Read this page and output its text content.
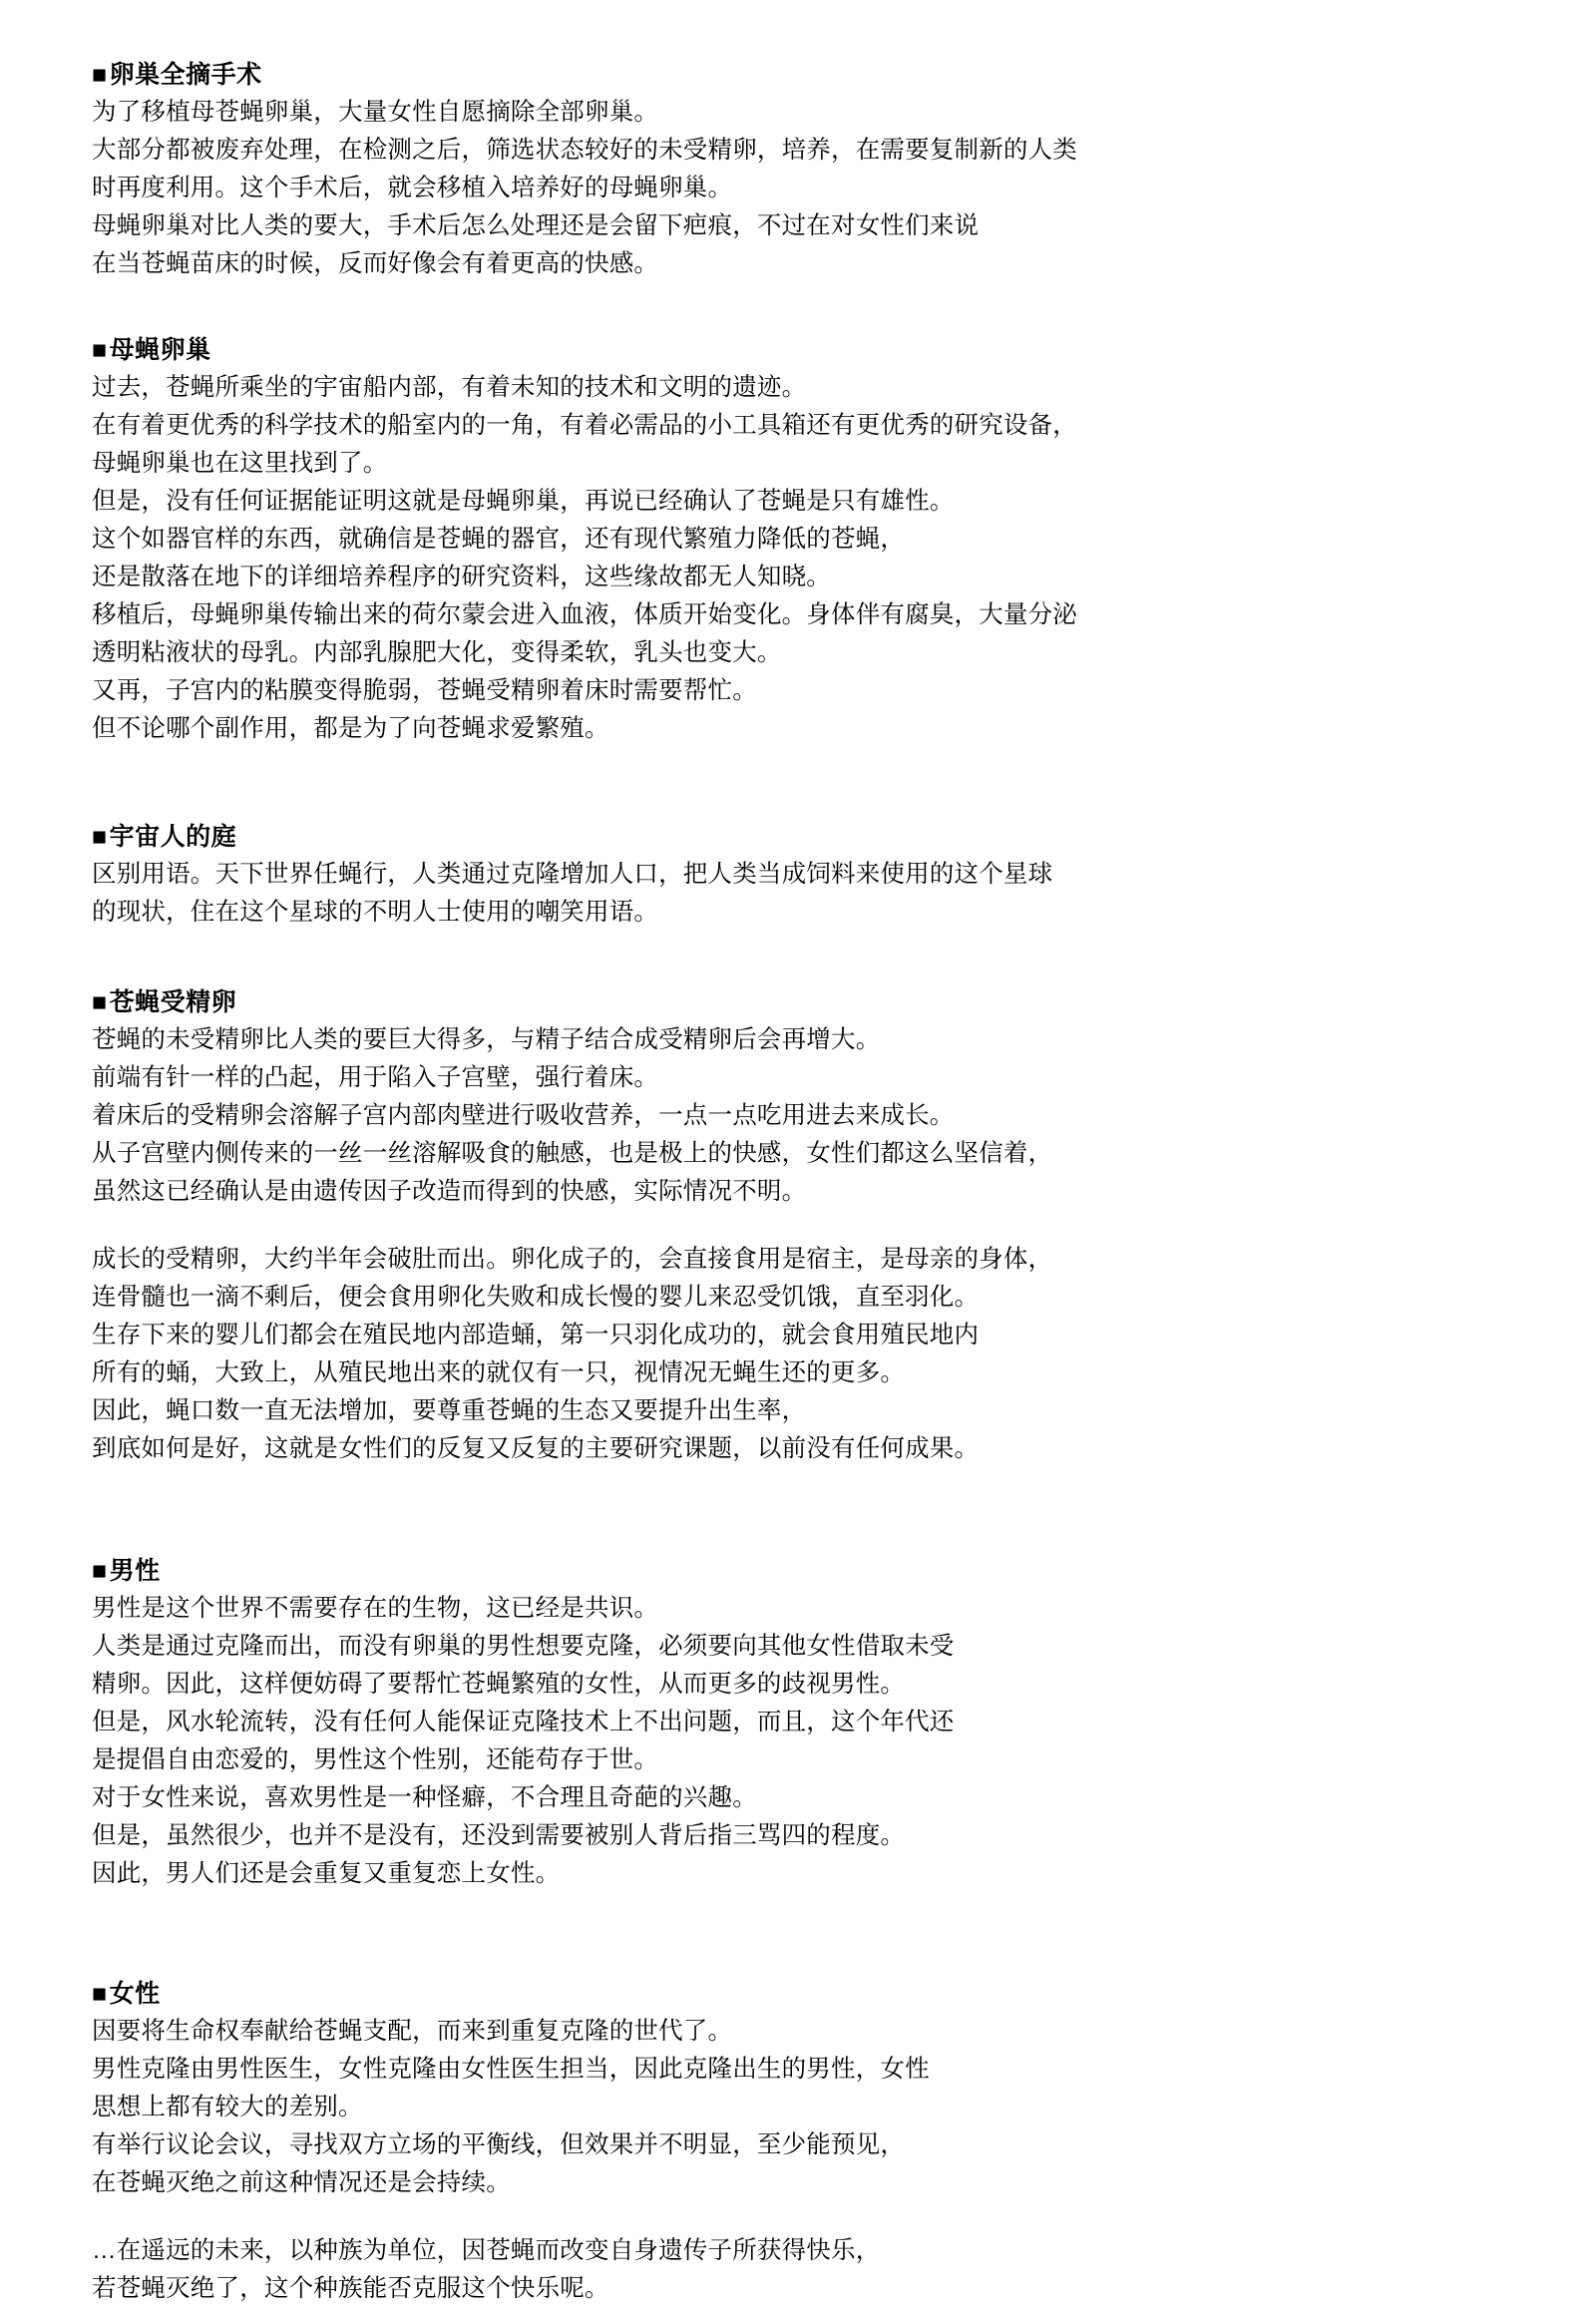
■卵巣全摘手术
为了移植母苍蝇卵巢，大量女性自愿摘除全部卵巢。
大部分都被废弃处理，在检测之后，筛选状态较好的未受精卵，培养，在需要复制新的人类
时再度利用。这个手术后，就会移植入培养好的母蝇卵巢。
母蝇卵巢对比人类的要大，手术后怎么处理还是会留下疤痕，不过在对女性们来说
在当苍蝇苗床的时候，反而好像会有着更高的快感。
■母蝇卵巢
过去，苍蝇所乘坐的宇宙船内部，有着未知的技术和文明的遗迹。
在有着更优秀的科学技术的船室内的一角，有着必需品的小工具箱还有更优秀的研究设备，
母蝇卵巢也在这里找到了。
但是，没有任何证据能证明这就是母蝇卵巢，再说已经确认了苍蝇是只有雄性。
这个如器官样的东西，就确信是苍蝇的器官，还有现代繁殖力降低的苍蝇，
还是散落在地下的详细培养程序的研究资料，这些缘故都无人知晓。
移植后，母蝇卵巢传输出来的荷尔蒙会进入血液，体质开始变化。身体伴有腐臭，大量分泌
透明粘液状的母乳。内部乳腺肥大化，变得柔软，乳头也变大。
又再，子宫内的粘膜变得脆弱，苍蝇受精卵着床时需要帮忙。
但不论哪个副作用，都是为了向苍蝇求爱繁殖。
■宇宙人的庭
区别用语。天下世界任蝇行，人类通过克隆增加人口，把人类当成饲料来使用的这个星球
的现状，住在这个星球的不明人士使用的嘲笑用语。
■苍蝇受精卵
苍蝇的未受精卵比人类的要巨大得多，与精子结合成受精卵后会再增大。
前端有针一样的凸起，用于陷入子宫壁，强行着床。
着床后的受精卵会溶解子宫内部肉壁进行吸收营养，一点一点吃用进去来成长。
从子宫壁内侧传来的一丝一丝溶解吸食的触感，也是极上的快感，女性们都这么坚信着，
虽然这已经确认是由遗传因子改造而得到的快感，实际情况不明。
成长的受精卵，大约半年会破肚而出。卵化成子的，会直接食用是宿主，是母亲的身体，
连骨髓也一滴不剩后，便会食用卵化失败和成长慢的婴儿来忍受饥饿，直至羽化。
生存下来的婴儿们都会在殖民地内部造蛹，第一只羽化成功的，就会食用殖民地内
所有的蛹，大致上，从殖民地出来的就仅有一只，视情况无蝇生还的更多。
因此，蝇口数一直无法增加，要尊重苍蝇的生态又要提升出生率，
到底如何是好，这就是女性们的反复又反复的主要研究课题，以前没有任何成果。
■男性
男性是这个世界不需要存在的生物，这已经是共识。
人类是通过克隆而出，而没有卵巢的男性想要克隆，必须要向其他女性借取未受
精卵。因此，这样便妨碍了要帮忙苍蝇繁殖的女性，从而更多的歧视男性。
但是，风水轮流转，没有任何人能保证克隆技术上不出问题，而且，这个年代还
是提倡自由恋爱的，男性这个性别，还能苟存于世。
对于女性来说，喜欢男性是一种怪癖，不合理且奇葩的兴趣。
但是，虽然很少，也并不是没有，还没到需要被别人背后指三骂四的程度。
因此，男人们还是会重复又重复恋上女性。
■女性
因要将生命权奉献给苍蝇支配，而来到重复克隆的世代了。
男性克隆由男性医生，女性克隆由女性医生担当，因此克隆出生的男性，女性
思想上都有较大的差别。
有举行议论会议，寻找双方立场的平衡线，但效果并不明显，至少能预见，
在苍蝇灭绝之前这种情况还是会持续。
…在遥远的未来，以种族为单位，因苍蝇而改变自身遗传子所获得快乐，
若苍蝇灭绝了，这个种族能否克服这个快乐呢。
